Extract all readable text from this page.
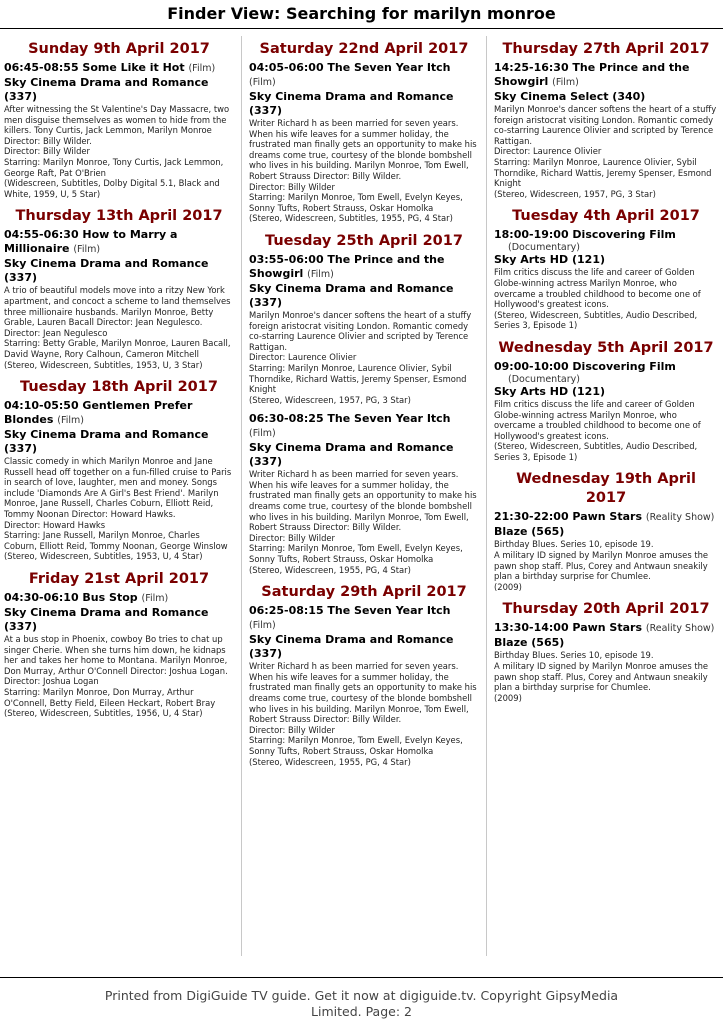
Finder View: Searching for marilyn monroe
Sunday 9th April 2017
06:45-08:55 Some Like it Hot (Film)
Sky Cinema Drama and Romance (337)
After witnessing the St Valentine's Day Massacre, two men disguise themselves as women to hide from the killers. Tony Curtis, Jack Lemmon, Marilyn Monroe Director: Billy Wilder.
Director: Billy Wilder
Starring: Marilyn Monroe, Tony Curtis, Jack Lemmon, George Raft, Pat O'Brien
(Widescreen, Subtitles, Dolby Digital 5.1, Black and White, 1959, U, 5 Star)
Thursday 13th April 2017
04:55-06:30 How to Marry a Millionaire (Film)
Sky Cinema Drama and Romance (337)
A trio of beautiful models move into a ritzy New York apartment, and concoct a scheme to land themselves three millionaire husbands. Marilyn Monroe, Betty Grable, Lauren Bacall Director: Jean Negulesco.
Director: Jean Negulesco
Starring: Betty Grable, Marilyn Monroe, Lauren Bacall, David Wayne, Rory Calhoun, Cameron Mitchell
(Stereo, Widescreen, Subtitles, 1953, U, 3 Star)
Tuesday 18th April 2017
04:10-05:50 Gentlemen Prefer Blondes (Film)
Sky Cinema Drama and Romance (337)
Classic comedy in which Marilyn Monroe and Jane Russell head off together on a fun-filled cruise to Paris in search of love, laughter, men and money. Songs include 'Diamonds Are A Girl's Best Friend'. Marilyn Monroe, Jane Russell, Charles Coburn, Elliott Reid, Tommy Noonan Director: Howard Hawks.
Director: Howard Hawks
Starring: Jane Russell, Marilyn Monroe, Charles Coburn, Elliott Reid, Tommy Noonan, George Winslow
(Stereo, Widescreen, Subtitles, 1953, U, 4 Star)
Friday 21st April 2017
04:30-06:10 Bus Stop (Film)
Sky Cinema Drama and Romance (337)
At a bus stop in Phoenix, cowboy Bo tries to chat up singer Cherie. When she turns him down, he kidnaps her and takes her home to Montana. Marilyn Monroe, Don Murray, Arthur O'Connell Director: Joshua Logan.
Director: Joshua Logan
Starring: Marilyn Monroe, Don Murray, Arthur O'Connell, Betty Field, Eileen Heckart, Robert Bray
(Stereo, Widescreen, Subtitles, 1956, U, 4 Star)
Saturday 22nd April 2017
04:05-06:00 The Seven Year Itch (Film)
Sky Cinema Drama and Romance (337)
Writer Richard h as been married for seven years. When his wife leaves for a summer holiday, the frustrated man finally gets an opportunity to make his dreams come true, courtesy of the blonde bombshell who lives in his building. Marilyn Monroe, Tom Ewell, Robert Strauss Director: Billy Wilder.
Director: Billy Wilder
Starring: Marilyn Monroe, Tom Ewell, Evelyn Keyes, Sonny Tufts, Robert Strauss, Oskar Homolka
(Stereo, Widescreen, Subtitles, 1955, PG, 4 Star)
Tuesday 25th April 2017
03:55-06:00 The Prince and the Showgirl (Film)
Sky Cinema Drama and Romance (337)
Marilyn Monroe's dancer softens the heart of a stuffy foreign aristocrat visiting London. Romantic comedy co-starring Laurence Olivier and scripted by Terence Rattigan.
Director: Laurence Olivier
Starring: Marilyn Monroe, Laurence Olivier, Sybil Thorndike, Richard Wattis, Jeremy Spenser, Esmond Knight
(Stereo, Widescreen, 1957, PG, 3 Star)
06:30-08:25 The Seven Year Itch (Film)
Sky Cinema Drama and Romance (337)
Writer Richard h as been married for seven years. When his wife leaves for a summer holiday, the frustrated man finally gets an opportunity to make his dreams come true, courtesy of the blonde bombshell who lives in his building. Marilyn Monroe, Tom Ewell, Robert Strauss Director: Billy Wilder.
Director: Billy Wilder
Starring: Marilyn Monroe, Tom Ewell, Evelyn Keyes, Sonny Tufts, Robert Strauss, Oskar Homolka
(Stereo, Widescreen, 1955, PG, 4 Star)
Saturday 29th April 2017
06:25-08:15 The Seven Year Itch (Film)
Sky Cinema Drama and Romance (337)
Writer Richard h as been married for seven years. When his wife leaves for a summer holiday, the frustrated man finally gets an opportunity to make his dreams come true, courtesy of the blonde bombshell who lives in his building. Marilyn Monroe, Tom Ewell, Robert Strauss Director: Billy Wilder.
Director: Billy Wilder
Starring: Marilyn Monroe, Tom Ewell, Evelyn Keyes, Sonny Tufts, Robert Strauss, Oskar Homolka
(Stereo, Widescreen, 1955, PG, 4 Star)
Thursday 27th April 2017
14:25-16:30 The Prince and the Showgirl (Film)
Sky Cinema Select (340)
Marilyn Monroe's dancer softens the heart of a stuffy foreign aristocrat visiting London. Romantic comedy co-starring Laurence Olivier and scripted by Terence Rattigan.
Director: Laurence Olivier
Starring: Marilyn Monroe, Laurence Olivier, Sybil Thorndike, Richard Wattis, Jeremy Spenser, Esmond Knight
(Stereo, Widescreen, 1957, PG, 3 Star)
Tuesday 4th April 2017
18:00-19:00 Discovering Film
(Documentary)
Sky Arts HD (121)
Film critics discuss the life and career of Golden Globe-winning actress Marilyn Monroe, who overcame a troubled childhood to become one of Hollywood's greatest icons.
(Stereo, Widescreen, Subtitles, Audio Described, Series 3, Episode 1)
Wednesday 5th April 2017
09:00-10:00 Discovering Film
(Documentary)
Sky Arts HD (121)
Film critics discuss the life and career of Golden Globe-winning actress Marilyn Monroe, who overcame a troubled childhood to become one of Hollywood's greatest icons.
(Stereo, Widescreen, Subtitles, Audio Described, Series 3, Episode 1)
Wednesday 19th April 2017
21:30-22:00 Pawn Stars (Reality Show)
Blaze (565)
Birthday Blues. Series 10, episode 19.
A military ID signed by Marilyn Monroe amuses the pawn shop staff. Plus, Corey and Antwaun sneakily plan a birthday surprise for Chumlee.
(2009)
Thursday 20th April 2017
13:30-14:00 Pawn Stars (Reality Show)
Blaze (565)
Birthday Blues. Series 10, episode 19.
A military ID signed by Marilyn Monroe amuses the pawn shop staff. Plus, Corey and Antwaun sneakily plan a birthday surprise for Chumlee.
(2009)
Printed from DigiGuide TV guide. Get it now at digiguide.tv. Copyright GipsyMedia
Limited. Page: 2
